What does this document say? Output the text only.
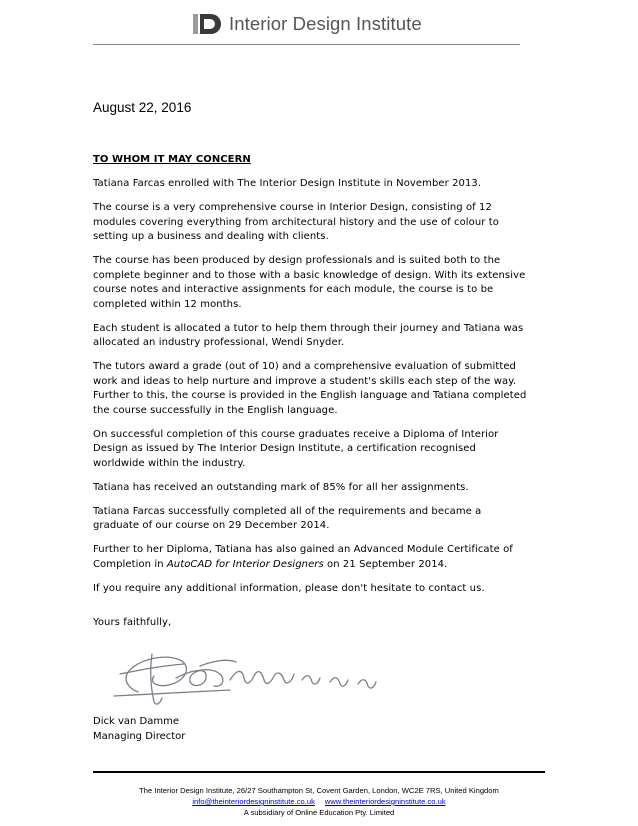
Interior Design Institute
August 22, 2016

TO WHOM IT MAY CONCERN

Tatiana Farcas enrolled with The Interior Design Institute in November 2013.

The course is a very comprehensive course in Interior Design, consisting of 12
modules covering everything from architectural history and the use of colour to
setting up a business and dealing with clients.

The course has been produced by design professionals and is suited both to the
complete beginner and to those with a basic knowledge of design. With its extensive
course notes and interactive assignments for each module, the course is to be
completed within 12 months.

Each student is allocated a tutor to help them through their journey and Tatiana was
allocated an industry professional, Wendi Snyder.

The tutors award a grade (out of 10) and a comprehensive evaluation of submitted
work and ideas to help nurture and improve a student's skills each step of the way.
Further to this, the course is provided in the English language and Tatiana completed
the course successfully in the English language.

On successful completion of this course graduates receive a Diploma of Interior
Design as issued by The Interior Design Institute, a certification recognised
worldwide within the industry.

Tatiana has received an outstanding mark of 85% for all her assignments.

Tatiana Farcas successfully completed all of the requirements and became a
graduate of our course on 29 December 2014.

Further to her Diploma, Tatiana has also gained an Advanced Module Certificate of
Completion in AutoCAD for Interior Designers on 21 September 2014.

If you require any additional information, please don't hesitate to contact us.

Yours faithfully,

Dick van Damme
Managing Director
The Interior Design Institute, 26/27 Southampton St, Covent Garden, London, WC2E 7RS, United Kingdom
info@theinteriordesigninstitute.co.uk www.theinteriordesigninstitute.co.uk
A subsidiary of Online Education Pty. Limited
